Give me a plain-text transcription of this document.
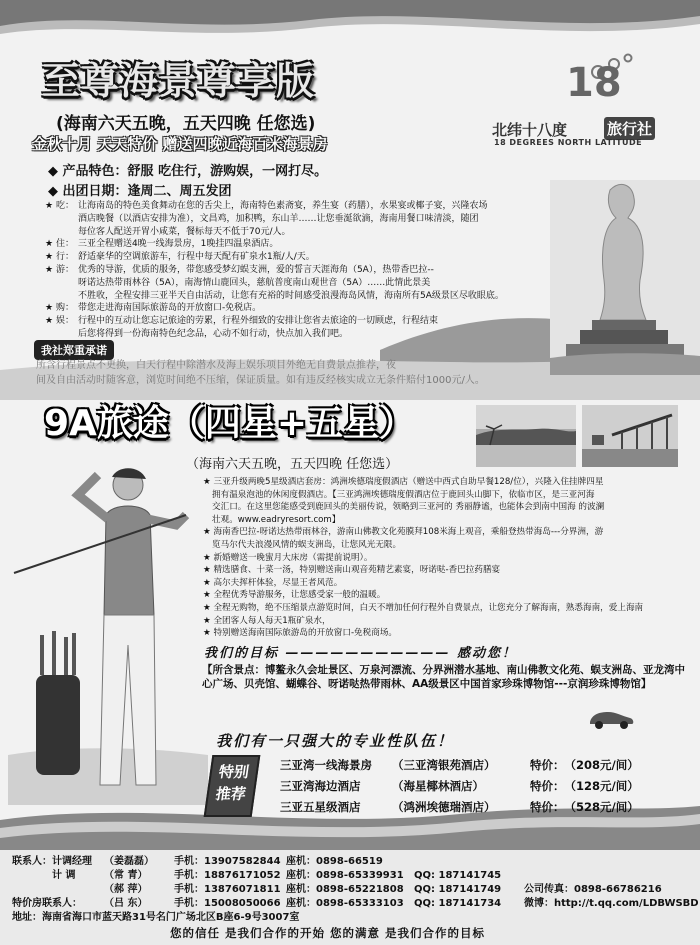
至尊海景尊享版
(海南六天五晚，五天四晚 任您选)
金秋十月 天天特价 赠送四晚近海百米海景房
18
北纬十八度	旅行社
18 DEGREES NORTH LATITUDE
◆ 产品特色：舒服 吃住行，游购娱，一网打尽。
◆ 出团日期：逢周二、周五发团
★ 吃： 让海南岛的特色美食舞动在您的舌尖上，海南特色素斋宴，养生宴（药膳），水果宴或椰子宴，兴隆农场
酒店晚餐（以酒店安排为准），文昌鸡，加积鸭，东山羊……让您垂涎欲滴，海南用餐口味清淡，随团
每位客人配送开胃小咸菜，餐标每天不低于70元/人。
★ 住： 三亚全程赠送4晚一线海景房，1晚挂四温泉酒店。
★ 行： 舒适豪华的空调旅游车，行程中每天配有矿泉水1瓶/人/天。
★ 游： 优秀的导游，优质的服务，带您感受梦幻蜈支洲，爱的誓言天涯海角（5A），热带香巴拉--
呀诺达热带雨林谷（5A），南海情山鹿回头，慈航普度南山观世音（5A）……此情此景美
不胜收，全程安排三亚半天自由活动，让您有充裕的时间感受浪漫海岛风情，海南所有5A级景区尽收眼底。
★ 购： 带您走进海南国际旅游岛的开放窗口-免税店。
★ 娱： 行程中的互动让您忘记旅途的劳累，行程外细致的安排让您省去旅途的一切顾虑，行程结束
后您将得到一份海南特色纪念品，心动不如行动，快点加入我们吧。
我社郑重承诺
所含行程景点不更换，白天行程中除潜水及海上娱乐项目外绝无自费景点推荐，夜
间及自由活动时随客意，浏览时间绝不压缩，保证质量。如有违反经核实成立无条件赔付1000元/人。
9A旅途（四星+五星）
（海南六天五晚，五天四晚 任您选）
★ 三亚升级两晚5星级酒店套房：鸿洲埃德瑞度假酒店（赠送中西式自助早餐128/位），兴隆入住挂牌四星
拥有温泉泡池的休闲度假酒店。【三亚鸿洲埃德瑞度假酒店位于鹿回头山脚下，依临市区，是三亚河海
交汇口。在这里您能感受到鹿回头的美丽传说，领略到三亚河的 秀丽静谧，也能体会到南中国海 的波澜
壮观。www.eadryresort.com】
★ 海南香巴拉-呀诺达热带雨林谷，游南山佛教文化苑膜拜108米海上观音，乘船登热带海岛---分界洲，游
览马尔代夫浪漫风情的蜈支洲岛，让您风光无限。
★ 新婚赠送一晚蜜月大床房（需提前说明）。
★ 精选膳食、十菜一汤，特别赠送南山观音苑精艺素宴，呀诺哒-香巴拉药膳宴
★ 高尔夫挥杆体验，尽显王者风范。
★ 全程优秀导游服务，让您感受家一般的温暖。
★ 全程无购物，绝不压缩景点游览时间，白天不增加任何行程外自费景点，让您充分了解海南，熟悉海南，爱上海南
★ 全团客人每人每天1瓶矿泉水，
★ 特别赠送海南国际旅游岛的开放窗口-免税商场。
我们的目标 ——————————— 感动您！
【所含景点：博鳌永久会址景区、万泉河漂流、分界洲潜水基地、南山佛教文化苑、蜈支洲岛、亚龙湾中心广场、贝壳馆、蝴蝶谷、呀诺哒热带雨林、AA级景区中国首家珍珠博物馆---京润珍珠博物馆】
我们有一只强大的专业性队伍！
特别
推荐
三亚湾一线海景房 （三亚湾银苑酒店）	特价：（208元/间）
三亚湾海边酒店	（海星椰林酒店）	特价：（128元/间）
三亚五星级酒店	（鸿洲埃德瑞酒店）	特价：（528元/间）
联系人：计调经理 （姜磊磊） 手机：13907582844 座机：0898-66519
计 调	（常 青）	手机：18876171052 座机：0898-65339931 QQ: 187141745
（郝 萍）	手机：13876071811 座机：0898-65221808 QQ: 187141749 公司传真：0898-66786216
特价房联系人： （吕 东）	手机：15008050066 座机：0898-65333103 QQ: 187141734 微博：http://t.qq.com/LDBWSBD
地址：海南省海口市蓝天路31号名门广场北区B座6-9号3007室
您的信任 是我们合作的开始 您的满意 是我们合作的目标
